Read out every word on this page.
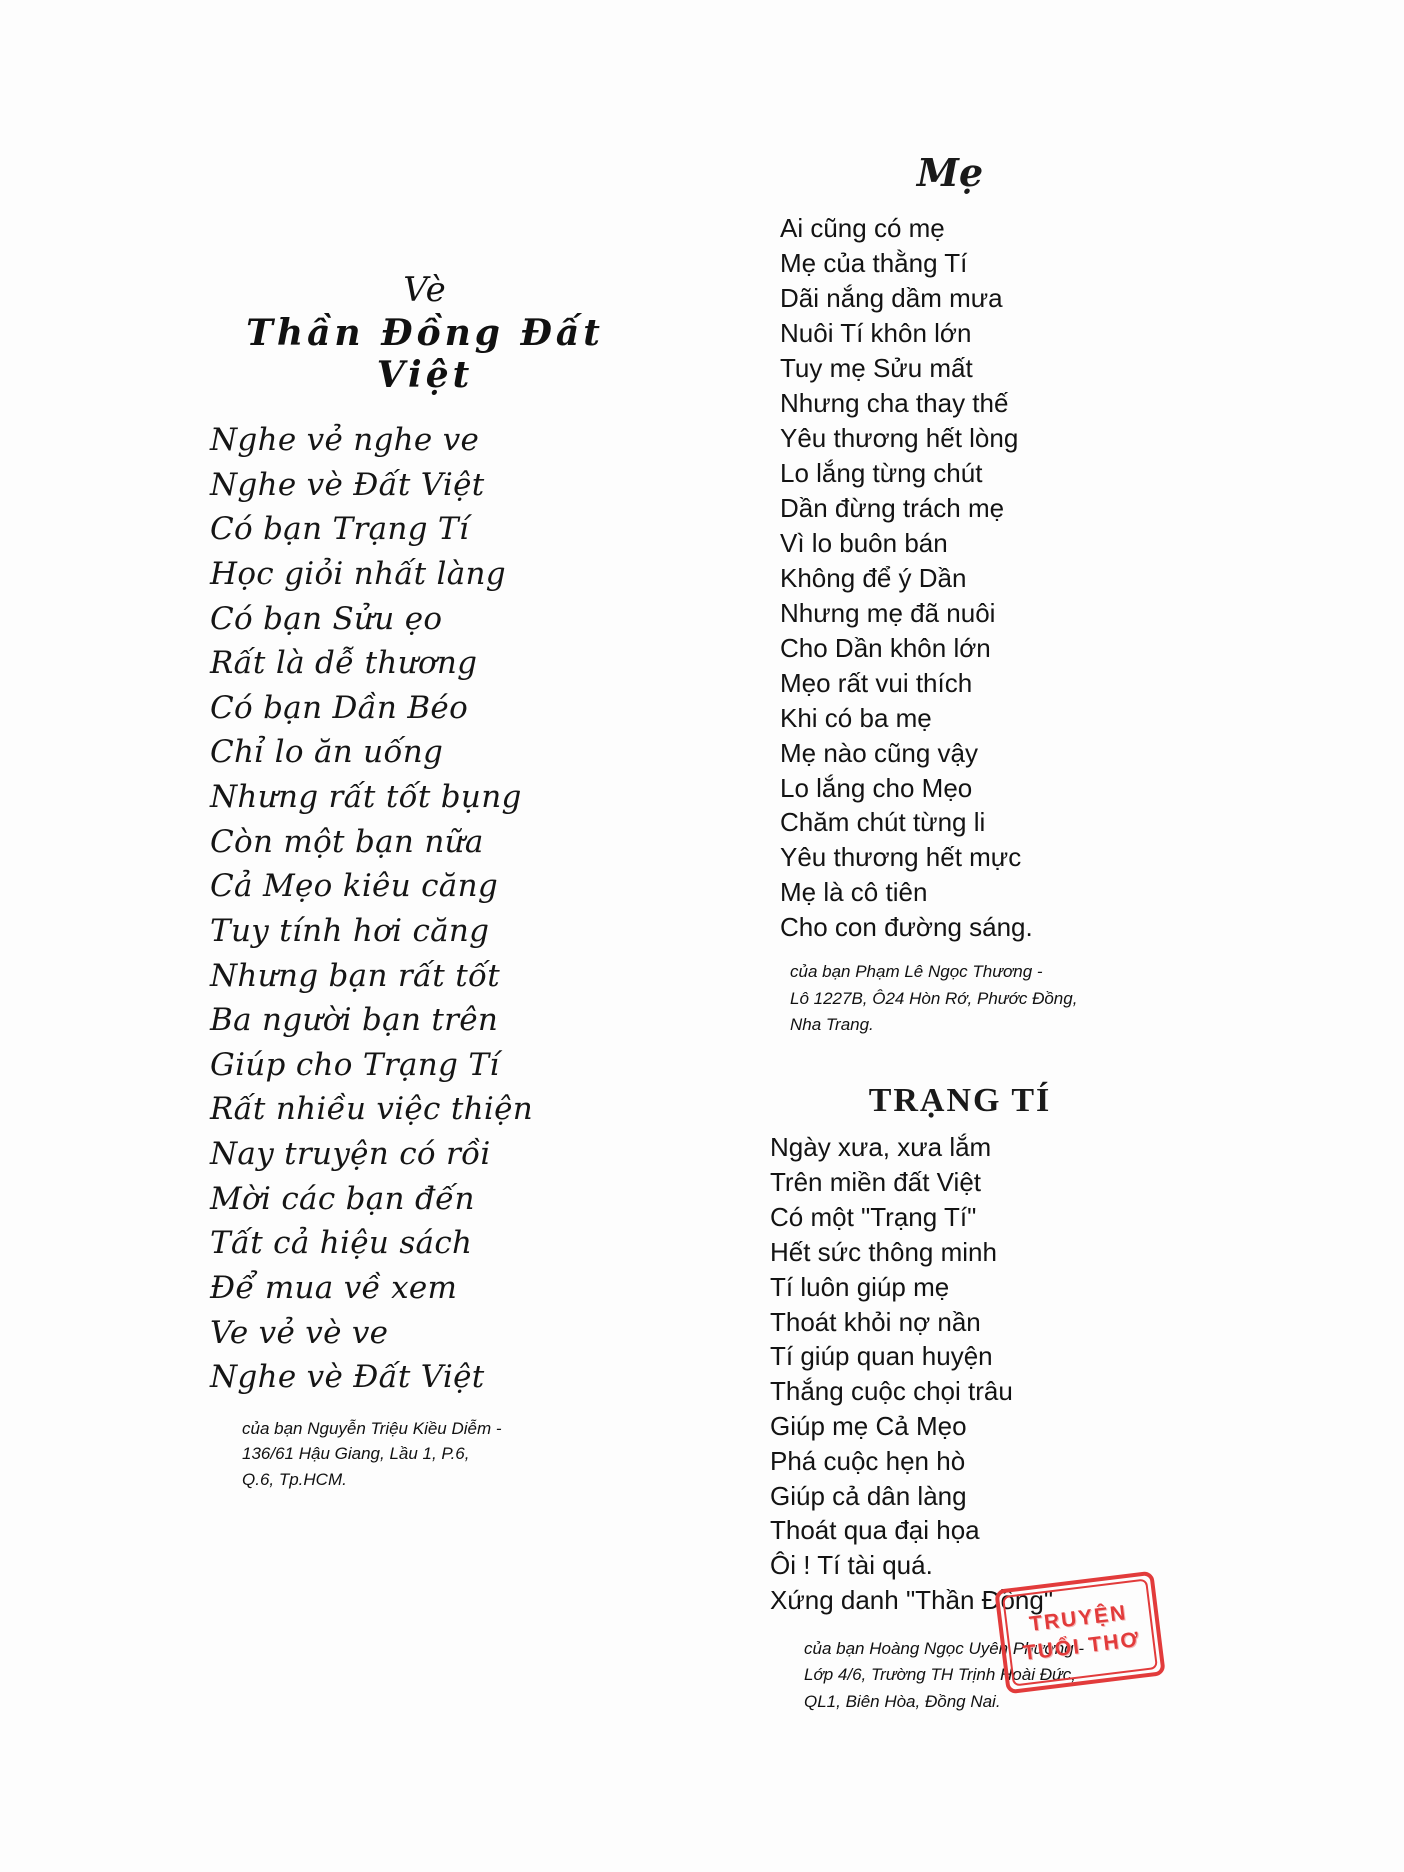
Vè
Thần Đồng Đất Việt
Nghe vẻ nghe ve
Nghe vè Đất Việt
Có bạn Trạng Tí
Học giỏi nhất làng
Có bạn Sửu ẹo
Rất là dễ thương
Có bạn Dần Béo
Chỉ lo ăn uống
Nhưng rất tốt bụng
Còn một bạn nữa
Cả Mẹo kiêu căng
Tuy tính hơi căng
Nhưng bạn rất tốt
Ba người bạn trên
Giúp cho Trạng Tí
Rất nhiều việc thiện
Nay truyện có rồi
Mời các bạn đến
Tất cả hiệu sách
Để mua về xem
Ve vẻ vè ve
Nghe vè Đất Việt
của bạn Nguyễn Triệu Kiều Diễm -
136/61 Hậu Giang, Lầu 1, P.6,
Q.6, Tp.HCM.
Mẹ
Ai cũng có mẹ
Mẹ của thằng Tí
Dãi nắng dầm mưa
Nuôi Tí khôn lớn
Tuy mẹ Sửu mất
Nhưng cha thay thế
Yêu thương hết lòng
Lo lắng từng chút
Dần đừng trách mẹ
Vì lo buôn bán
Không để ý Dần
Nhưng mẹ đã nuôi
Cho Dần khôn lớn
Mẹo rất vui thích
Khi có ba mẹ
Mẹ nào cũng vậy
Lo lắng cho Mẹo
Chăm chút từng li
Yêu thương hết mực
Mẹ là cô tiên
Cho con đường sáng.
của bạn Phạm Lê Ngọc Thương -
Lô 1227B, Ô24 Hòn Rớ, Phước Đồng,
Nha Trang.
TRẠNG TÍ
Ngày xưa, xưa lắm
Trên miền đất Việt
Có một "Trạng Tí"
Hết sức thông minh
Tí luôn giúp mẹ
Thoát khỏi nợ nần
Tí giúp quan huyện
Thắng cuộc chọi trâu
Giúp mẹ Cả Mẹo
Phá cuộc hẹn hò
Giúp cả dân làng
Thoát qua đại họa
Ôi ! Tí tài quá.
Xứng danh "Thần Đồng"
của bạn Hoàng Ngọc Uyên Phương -
Lớp 4/6, Trường TH Trịnh Hoài Đức,
QL1, Biên Hòa, Đồng Nai.
TRUYỆN
TUỔI THƠ
